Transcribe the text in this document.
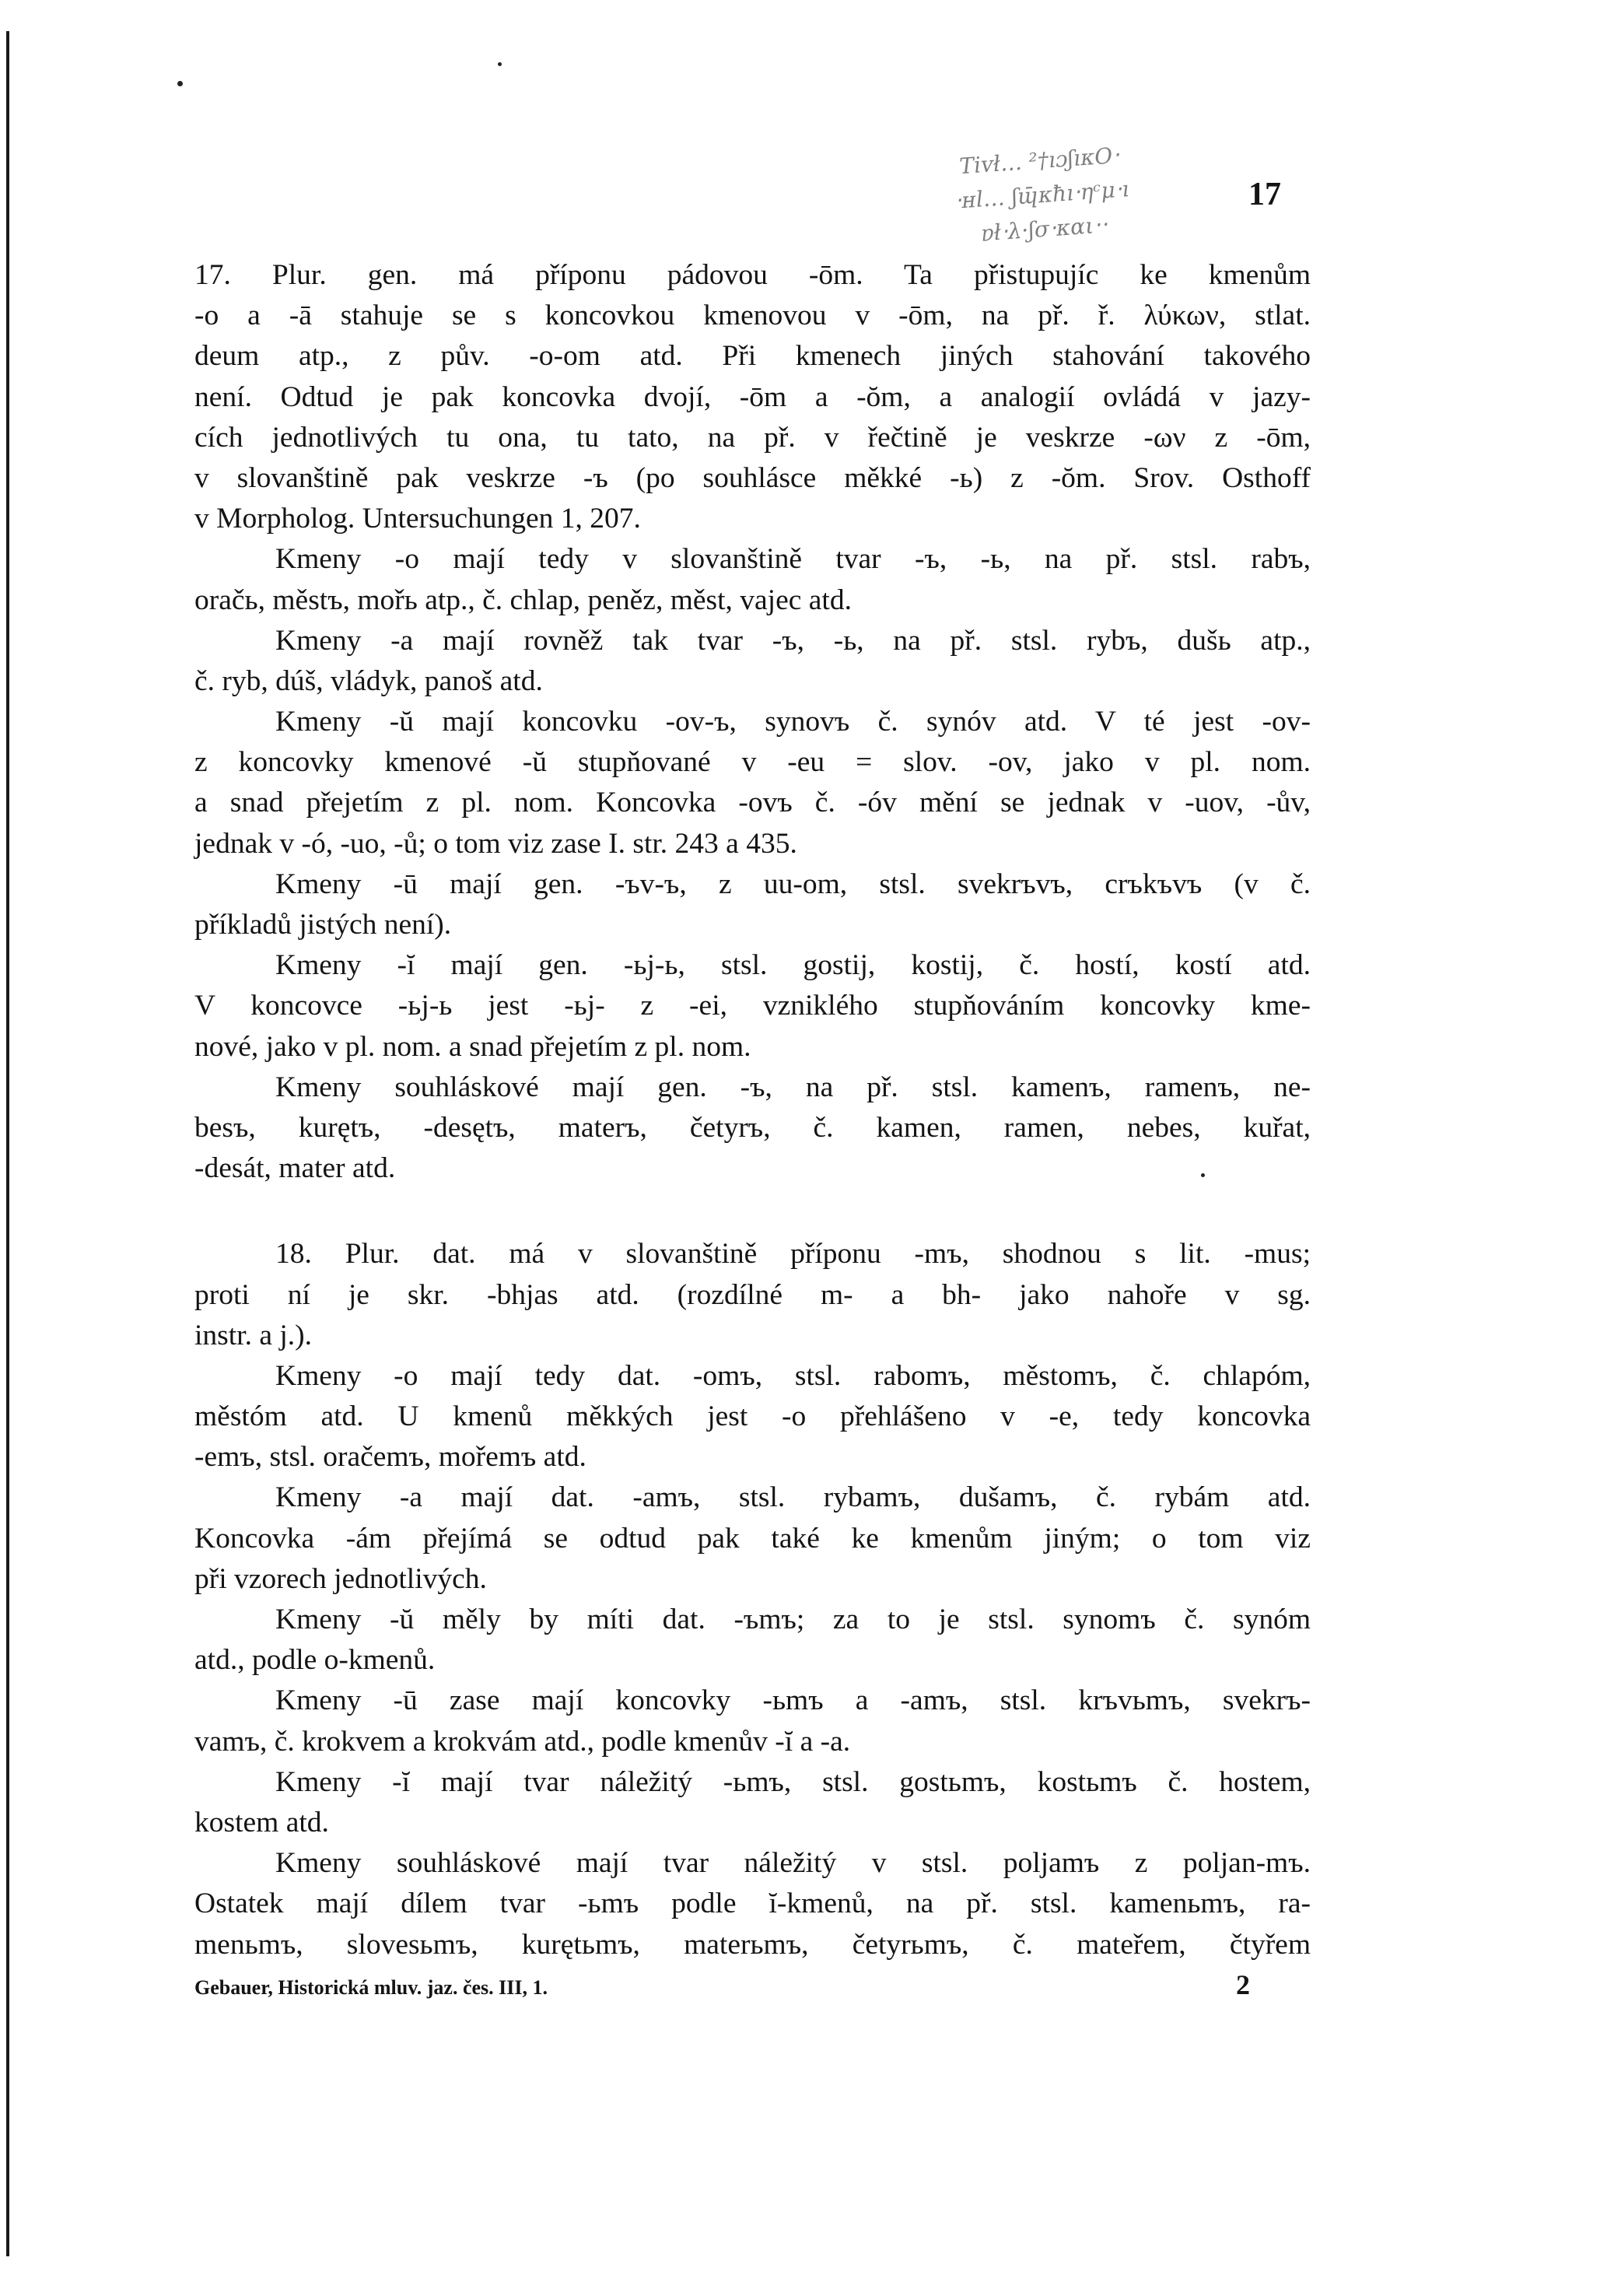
Tiᴠł… ²†ıɔʃıκO‧
‧ʜl… ʃɰ̄κħı‧ηᶜμ‧ı
ɐł‧λ·ʃσ‧και‧‧
17
17. Plur. gen. má příponu pádovou -ōm. Ta přistupujíc ke kmenům
-o a -ā stahuje se s koncovkou kmenovou v -ōm, na př. ř. λύκων, stlat.
deum atp., z pův. -o-om atd. Při kmenech jiných stahování takového
není. Odtud je pak koncovka dvojí, -ōm a -ŏm, a analogií ovládá v jazy-
cích jednotlivých tu ona, tu tato, na př. v řečtině je veskrze -ων z -ōm,
v slovanštině pak veskrze -ъ (po souhlásce měkké -ь) z -ŏm. Srov. Osthoff
v Morpholog. Untersuchungen 1, 207.
Kmeny -o mají tedy v slovanštině tvar -ъ, -ь, na př. stsl. rabъ,
oračь, městъ, mořь atp., č. chlap, peněz, měst, vajec atd.
Kmeny -a mají rovněž tak tvar -ъ, -ь, na př. stsl. rybъ, dušь atp.,
č. ryb, dúš, vládyk, panoš atd.
Kmeny -ŭ mají koncovku -ov-ъ, synovъ č. synóv atd. V té jest -ov-
z koncovky kmenové -ŭ stupňované v -eu = slov. -ov, jako v pl. nom.
a snad přejetím z pl. nom. Koncovka -ovъ č. -óv mění se jednak v -uov, -ův,
jednak v -ó, -uo, -ů; o tom viz zase I. str. 243 a 435.
Kmeny -ū mají gen. -ъv-ъ, z uu-om, stsl. svekrъvъ, crъkъvъ (v č.
příkladů jistých není).
Kmeny -ĭ mají gen. -ьj-ь, stsl. gostij, kostij, č. hostí, kostí atd.
V koncovce -ьj-ь jest -ьj- z -ei, vzniklého stupňováním koncovky kme-
nové, jako v pl. nom. a snad přejetím z pl. nom.
Kmeny souhláskové mají gen. -ъ, na př. stsl. kamenъ, ramenъ, ne-
besъ, kurętъ, -desętъ, materъ, četyrъ, č. kamen, ramen, nebes, kuřat,
-desát, mater atd.
18. Plur. dat. má v slovanštině příponu -mъ, shodnou s lit. -mus;
proti ní je skr. -bhjas atd. (rozdílné m- a bh- jako nahoře v sg.
instr. a j.).
Kmeny -o mají tedy dat. -omъ, stsl. rabomъ, městomъ, č. chlapóm,
městóm atd. U kmenů měkkých jest -o přehlášeno v -e, tedy koncovka
-emъ, stsl. oračemъ, mořemъ atd.
Kmeny -a mají dat. -amъ, stsl. rybamъ, dušamъ, č. rybám atd.
Koncovka -ám přejímá se odtud pak také ke kmenům jiným; o tom viz
při vzorech jednotlivých.
Kmeny -ŭ měly by míti dat. -ъmъ; za to je stsl. synomъ č. synóm
atd., podle o-kmenů.
Kmeny -ū zase mají koncovky -ьmъ a -amъ, stsl. krъvьmъ, svekrъ-
vamъ, č. krokvem a krokvám atd., podle kmenův -ĭ a -a.
Kmeny -ĭ mají tvar náležitý -ьmъ, stsl. gostьmъ, kostьmъ č. hostem,
kostem atd.
Kmeny souhláskové mají tvar náležitý v stsl. poljamъ z poljan-mъ.
Ostatek mají dílem tvar -ьmъ podle ĭ-kmenů, na př. stsl. kamenьmъ, ra-
menьmъ, slovesьmъ, kurętьmъ, materьmъ, četyrьmъ, č. mateřem, čtyřem
Gebauer, Historická mluv. jaz. čes. III, 1.	2
